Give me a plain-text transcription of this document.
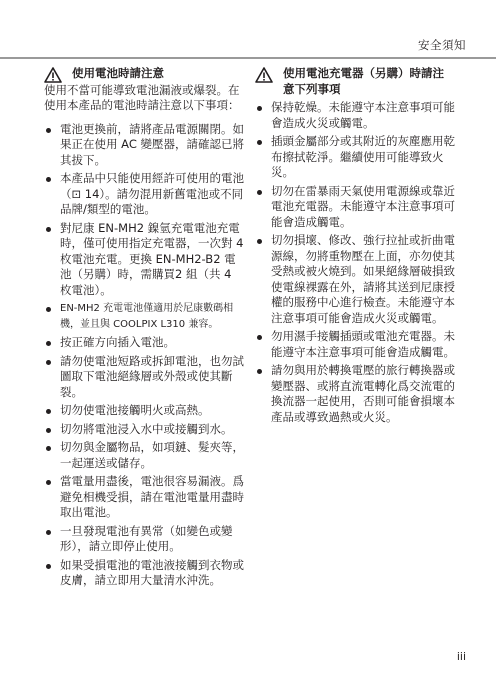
安全須知
使用電池時請注意

使用不當可能導致電池漏液或爆裂。在使用本產品的電池時請注意以下事項：

電池更換前，請將產品電源關閉。如果正在使用 AC 變壓器，請確認已將其拔下。
本產品中只能使用經許可使用的電池（⊡ 14）。請勿混用新舊電池或不同品牌/類型的電池。
對尼康 EN-MH2 鎳氫充電電池充電時，僅可使用指定充電器，一次對 4 枚電池充電。更換 EN-MH2-B2 電池（另購）時，需購買2 組（共 4 枚電池）。
EN-MH2 充電電池僅適用於尼康數碼相機，並且與 COOLPIX L310 兼容。
按正確方向插入電池。
請勿使電池短路或拆卸電池，也勿試圖取下電池絕緣層或外殼或使其斷裂。
切勿使電池接觸明火或高熱。
切勿將電池浸入水中或接觸到水。
切勿與金屬物品，如項鏈、髮夾等，一起運送或儲存。
當電量用盡後，電池很容易漏液。爲避免相機受損，請在電池電量用盡時取出電池。
一旦發現電池有異常（如變色或變形），請立即停止使用。
如果受損電池的電池液接觸到衣物或皮膚，請立即用大量清水沖洗。
使用電池充電器（另購）時請注意下列事項
保持乾燥。未能遵守本注意事項可能會造成火災或觸電。
插頭金屬部分或其附近的灰塵應用乾布擦拭乾淨。繼續使用可能導致火災。
切勿在雷暴雨天氣使用電源線或靠近電池充電器。未能遵守本注意事項可能會造成觸電。
切勿損壞、修改、強行拉扯或折曲電源線，勿將重物壓在上面，亦勿使其受熱或被火燒到。如果絕緣層破損致使電線裸露在外，請將其送到尼康授權的服務中心進行檢查。未能遵守本注意事項可能會造成火災或觸電。
勿用濕手接觸插頭或電池充電器。未能遵守本注意事項可能會造成觸電。
請勿與用於轉換電壓的旅行轉換器或變壓器、或將直流電轉化爲交流電的換流器一起使用，否則可能會損壞本產品或導致過熱或火災。
iii
